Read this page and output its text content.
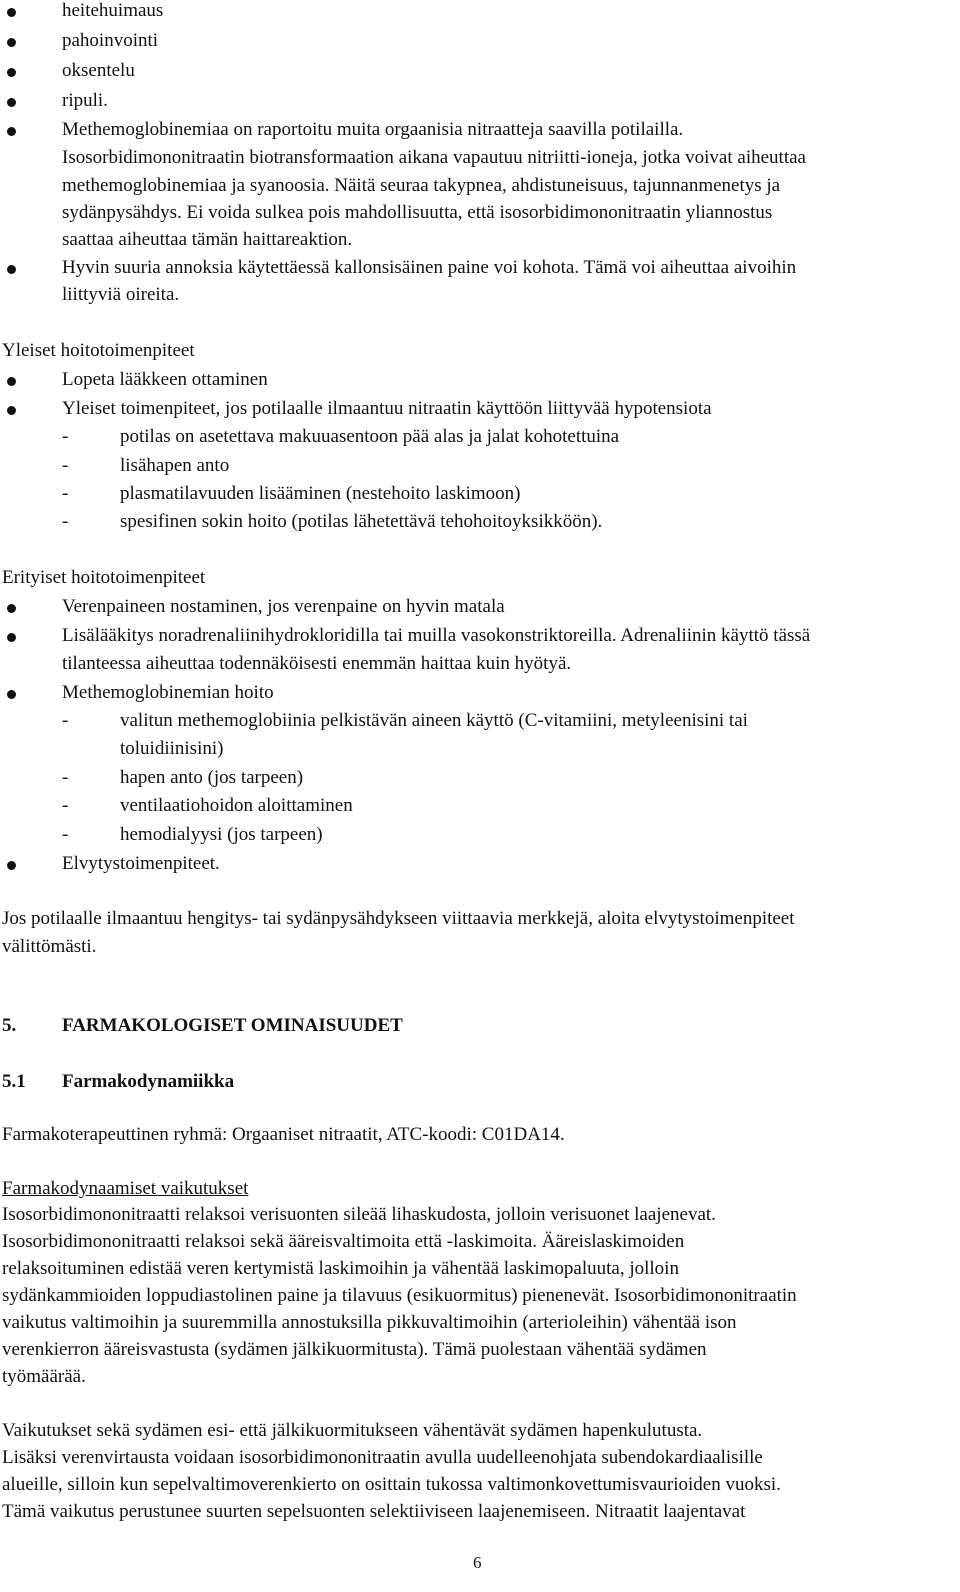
heitehuimaus
pahoinvointi
oksentelu
ripuli.
Methemoglobinemiaa on raportoitu muita orgaanisia nitraatteja saavilla potilailla.
Isosorbidimononitraatin biotransformaation aikana vapautuu nitriitti-ioneja, jotka voivat aiheuttaa
methemoglobinemiaa ja syanoosia. Näitä seuraa takypnea, ahdistuneisuus, tajunnanmenetys ja
sydänpysähdys. Ei voida sulkea pois mahdollisuutta, että isosorbidimononitraatin yliannostus
saattaa aiheuttaa tämän haittareaktion.
Hyvin suuria annoksia käytettäessä kallonsisäinen paine voi kohota. Tämä voi aiheuttaa aivoihin
liittyviä oireita.
Yleiset hoitotoimenpiteet
Lopeta lääkkeen ottaminen
Yleiset toimenpiteet, jos potilaalle ilmaantuu nitraatin käyttöön liittyvää hypotensiota
-	potilas on asetettava makuuasentoon pää alas ja jalat kohotettuina
-	lisähapen anto
-	plasmatilavuuden lisääminen (nestehoito laskimoon)
-	spesifinen sokin hoito (potilas lähetettävä tehohoitoyksikköön).
Erityiset hoitotoimenpiteet
Verenpaineen nostaminen, jos verenpaine on hyvin matala
Lisälääkitys noradrenaliinihydrokloridilla tai muilla vasokonstriktoreilla. Adrenaliinin käyttö tässä
tilanteessa aiheuttaa todennäköisesti enemmän haittaa kuin hyötyä.
Methemoglobinemian hoito
-	valitun methemoglobiinia pelkistävän aineen käyttö (C-vitamiini, metyleenisini tai
toluidiinisini)
-	hapen anto (jos tarpeen)
-	ventilaatiohoidon aloittaminen
-	hemodialyysi (jos tarpeen)
Elvytystoimenpiteet.
Jos potilaalle ilmaantuu hengitys- tai sydänpysähdykseen viittaavia merkkejä, aloita elvytystoimenpiteet
välittömästi.
5. FARMAKOLOGISET OMINAISUUDET
5.1 Farmakodynamiikka
Farmakoterapeuttinen ryhmä: Orgaaniset nitraatit, ATC-koodi: C01DA14.
Farmakodynaamiset vaikutukset
Isosorbidimononitraatti relaksoi verisuonten sileää lihaskudosta, jolloin verisuonet laajenevat.
Isosorbidimononitraatti relaksoi sekä ääreisvaltimoita että -laskimoita. Ääreislaskimoiden
relaksoituminen edistää veren kertymistä laskimoihin ja vähentää laskimopaluuta, jolloin
sydänkammioiden loppudiastolinen paine ja tilavuus (esikuormitus) pienenevät. Isosorbidimononitraatin
vaikutus valtimoihin ja suuremmilla annostuksilla pikkuvaltimoihin (arterioleihin) vähentää ison
verenkierron ääreisvastusta (sydämen jälkikuormitusta). Tämä puolestaan vähentää sydämen
työmäärää.
Vaikutukset sekä sydämen esi- että jälkikuormitukseen vähentävät sydämen hapenkulutusta.
Lisäksi verenvirtausta voidaan isosorbidimononitraatin avulla uudelleenohjata subendokardiaalisille
alueille, silloin kun sepelvaltimoverenkierto on osittain tukossa valtimonkovettumisvaurioiden vuoksi.
Tämä vaikutus perustunee suurten sepelsuonten selektiiviseen laajenemiseen. Nitraatit laajentavat
6
